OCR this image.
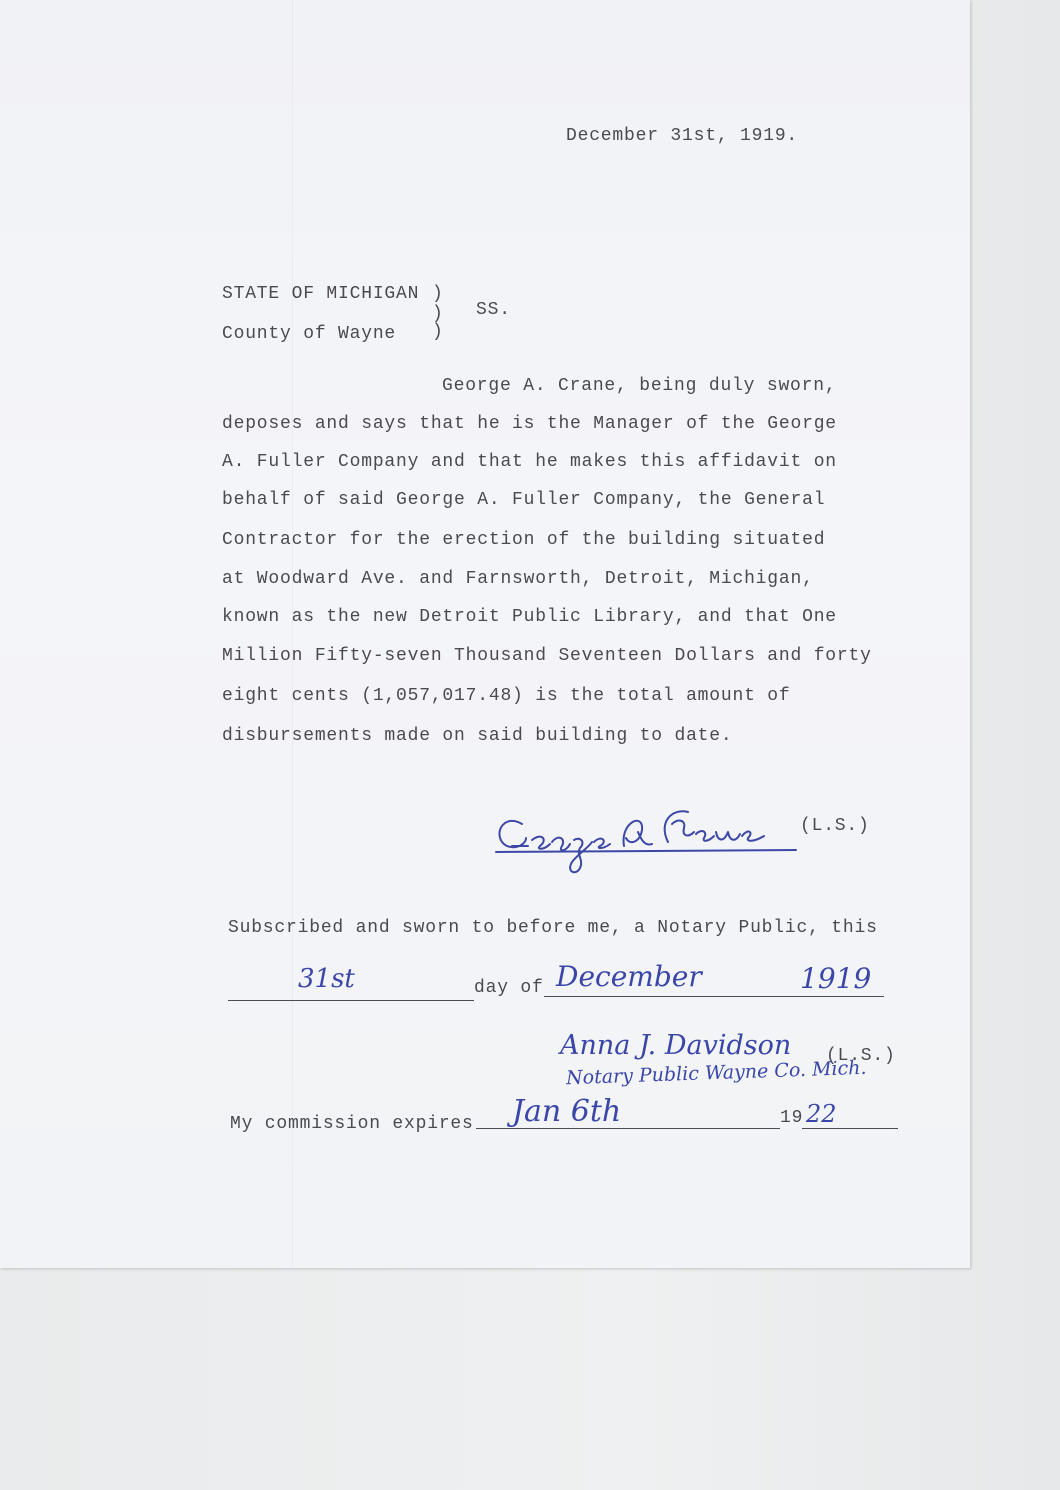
December 31st, 1919.
STATE OF MICHIGAN )
)
)
SS.
County of Wayne
George A. Crane, being duly sworn,
deposes and says that he is the Manager of the George
A. Fuller Company and that he makes this affidavit on
behalf of said George A. Fuller Company, the General
Contractor for the erection of the building situated
at Woodward Ave. and Farnsworth, Detroit, Michigan,
known as the new Detroit Public Library, and that One
Million Fifty-seven Thousand Seventeen Dollars and forty
eight cents (1,057,017.48) is the total amount of
disbursements made on said building to date.
(L.S.)
Subscribed and sworn to before me, a Notary Public, this
31st	day of December	1919
Anna J. Davidson (L.S.)
Notary Public Wayne Co. Mich.
My commission expires Jan 6th	19 22
